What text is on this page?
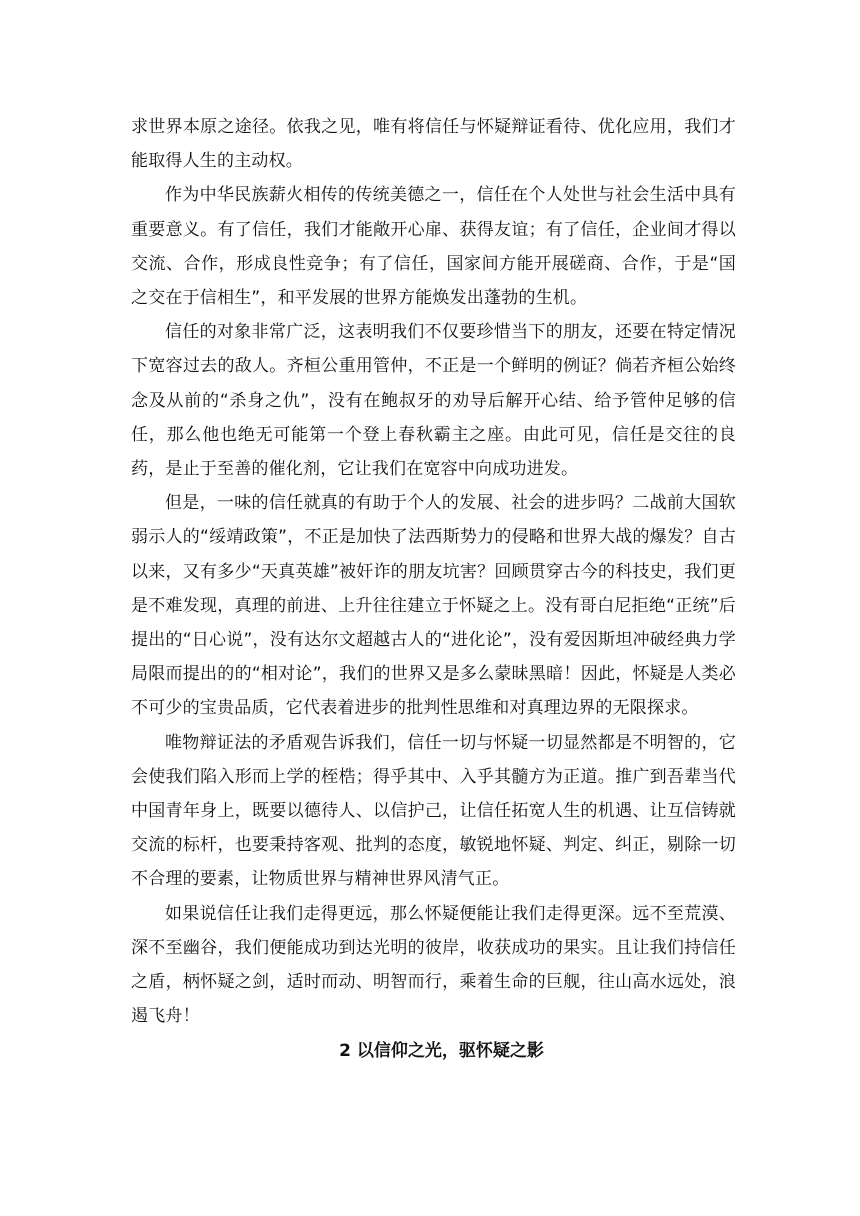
求世界本原之途径。依我之见，唯有将信任与怀疑辩证看待、优化应用，我们才能取得人生的主动权。

作为中华民族薪火相传的传统美德之一，信任在个人处世与社会生活中具有重要意义。有了信任，我们才能敞开心扉、获得友谊；有了信任，企业间才得以交流、合作，形成良性竞争；有了信任，国家间方能开展磋商、合作，于是“国之交在于信相生”，和平发展的世界方能焕发出蓬勃的生机。

信任的对象非常广泛，这表明我们不仅要珍惜当下的朋友，还要在特定情况下宽容过去的敌人。齐桓公重用管仲，不正是一个鲜明的例证？倘若齐桓公始终念及从前的“杀身之仇”，没有在鲍叔牙的劝导后解开心结、给予管仲足够的信任，那么他也绝无可能第一个登上春秋霸主之座。由此可见，信任是交往的良药，是止于至善的催化剂，它让我们在宽容中向成功进发。

但是，一味的信任就真的有助于个人的发展、社会的进步吗？二战前大国软弱示人的“绥靖政策”，不正是加快了法西斯势力的侵略和世界大战的爆发？自古以来，又有多少“天真英雄”被奸诈的朋友坑害？回顾贯穿古今的科技史，我们更是不难发现，真理的前进、上升往往建立于怀疑之上。没有哥白尼拒绝“正统”后提出的“日心说”，没有达尔文超越古人的“进化论”，没有爱因斯坦冲破经典力学局限而提出的的“相对论”，我们的世界又是多么蒙昧黑暗！因此，怀疑是人类必不可少的宝贵品质，它代表着进步的批判性思维和对真理边界的无限探求。

唯物辩证法的矛盾观告诉我们，信任一切与怀疑一切显然都是不明智的，它会使我们陷入形而上学的桎梏；得乎其中、入乎其髓方为正道。推广到吾辈当代中国青年身上，既要以德待人、以信护己，让信任拓宽人生的机遇、让互信铸就交流的标杆，也要秉持客观、批判的态度，敏锐地怀疑、判定、纠正，剔除一切不合理的要素，让物质世界与精神世界风清气正。

如果说信任让我们走得更远，那么怀疑便能让我们走得更深。远不至荒漠、深不至幽谷，我们便能成功到达光明的彼岸，收获成功的果实。且让我们持信任之盾，柄怀疑之剑，适时而动、明智而行，乘着生命的巨舰，往山高水远处，浪遏飞舟！

2 以信仰之光，驱怀疑之影
